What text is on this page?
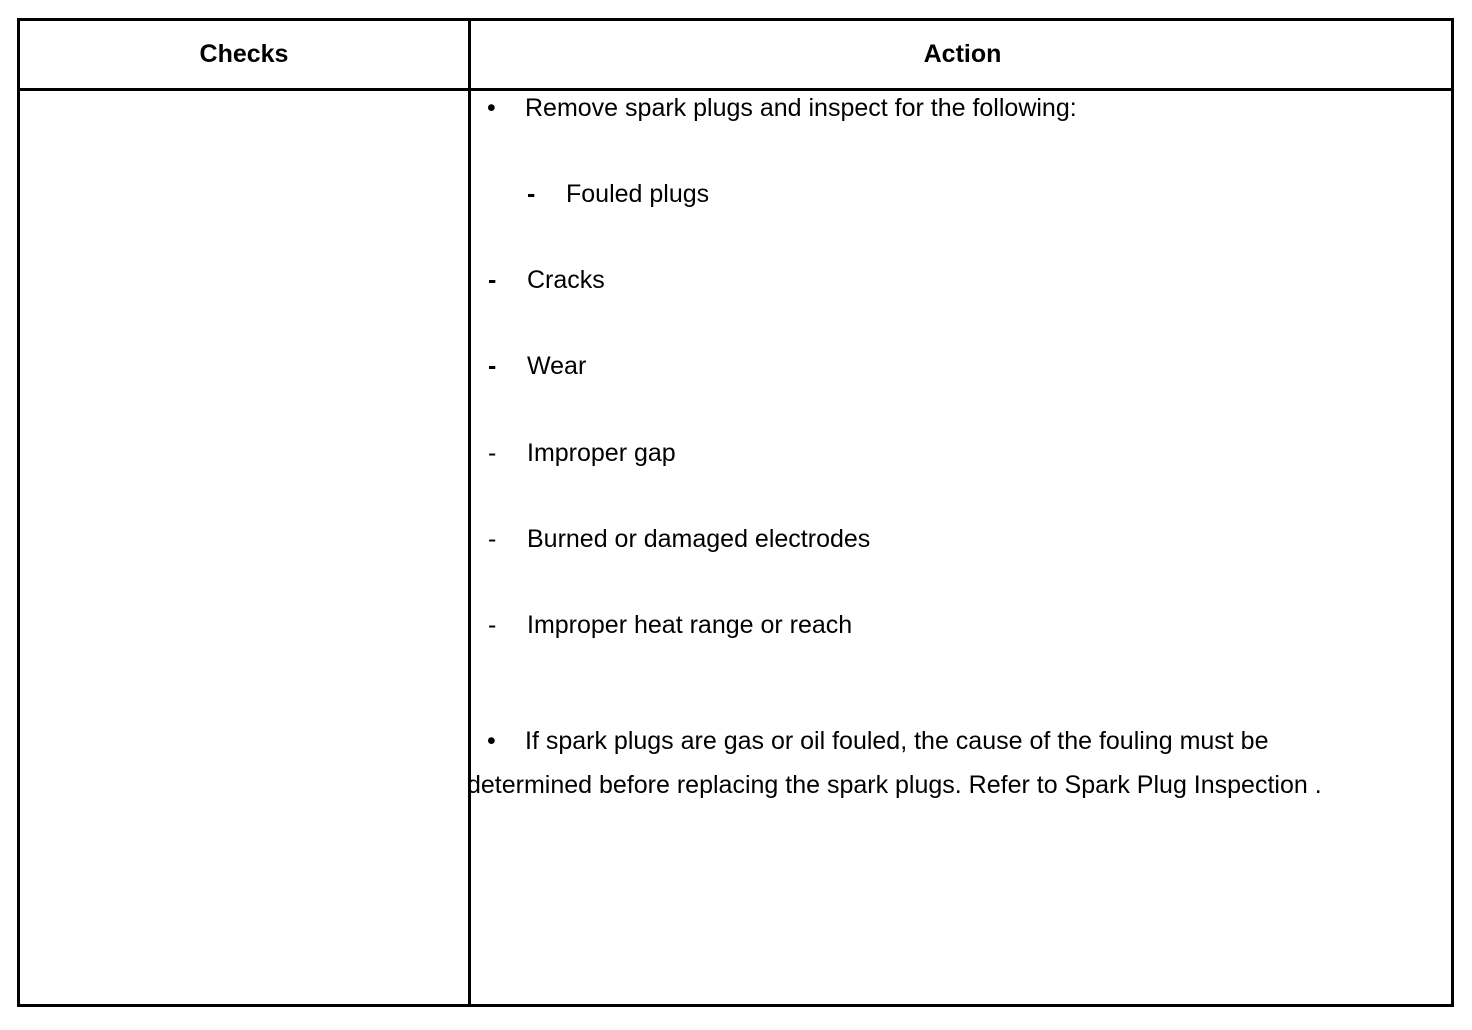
Checks	Action
• Remove spark plugs and inspect for the following:
- Fouled plugs
- Cracks
- Wear
- Improper gap
- Burned or damaged electrodes
- Improper heat range or reach
• If spark plugs are gas or oil fouled, the cause of the fouling must be determined before replacing the spark plugs. Refer to Spark Plug Inspection .
